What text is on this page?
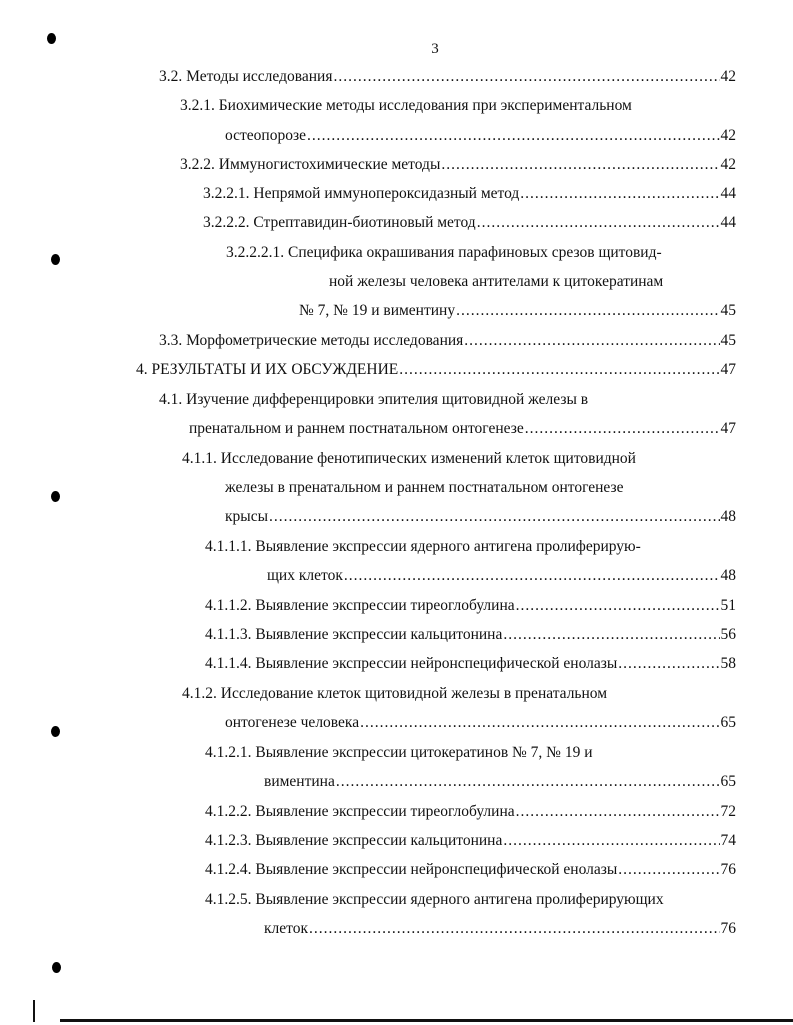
3
3.2. Методы исследования .....	42
3.2.1. Биохимические методы исследования при экспериментальном
остеопорозе .....	42
3.2.2. Иммуногистохимические методы .....	42
3.2.2.1. Непрямой иммунопероксидазный метод .....	44
3.2.2.2. Стрептавидин-биотиновый метод .....	44
3.2.2.2.1. Специфика окрашивания парафиновых срезов щитовид-
ной железы человека антителами к цитокератинам
№ 7, № 19 и виментину .....	45
3.3. Морфометрические методы исследования .....	45
4. РЕЗУЛЬТАТЫ И ИХ ОБСУЖДЕНИЕ .....	47
4.1. Изучение дифференцировки эпителия щитовидной железы в
пренатальном и раннем постнатальном онтогенезе .....	47
4.1.1. Исследование фенотипических изменений клеток щитовидной
железы в пренатальном и раннем постнатальном онтогенезе
крысы .....	48
4.1.1.1. Выявление экспрессии ядерного антигена пролиферирую-
щих клеток .....	48
4.1.1.2. Выявление экспрессии тиреоглобулина .....	51
4.1.1.3. Выявление экспрессии кальцитонина .....	56
4.1.1.4. Выявление экспрессии нейронспецифической енолазы .....	58
4.1.2. Исследование клеток щитовидной железы в пренатальном
онтогенезе человека .....	65
4.1.2.1. Выявление экспрессии цитокератинов № 7, № 19 и
виментина .....	65
4.1.2.2. Выявление экспрессии тиреоглобулина .....	72
4.1.2.3. Выявление экспрессии кальцитонина .....	74
4.1.2.4. Выявление экспрессии нейронспецифической енолазы .....	76
4.1.2.5. Выявление экспрессии ядерного антигена пролиферирующих
клеток .....	76
